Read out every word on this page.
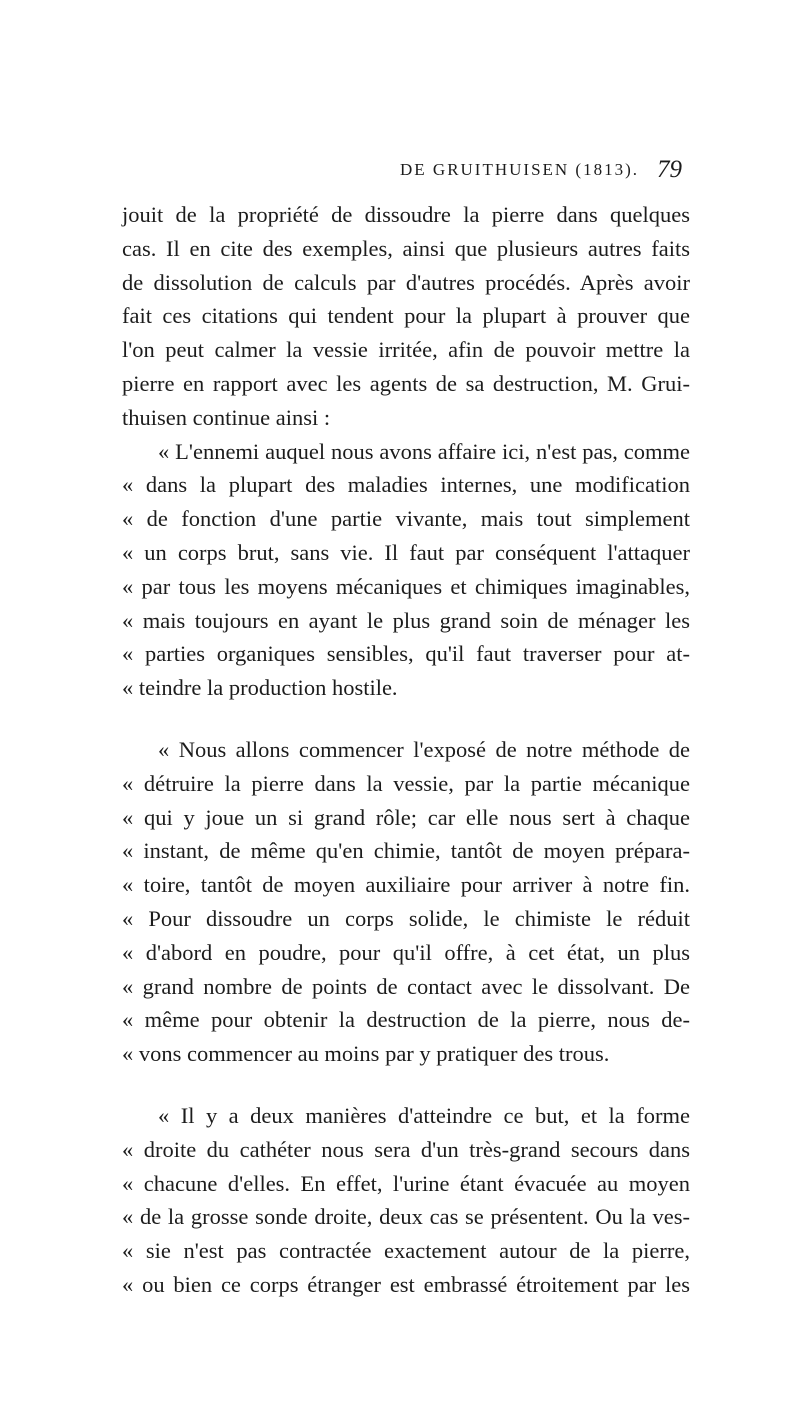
DE GRUITHUISEN (1813). 79
jouit de la propriété de dissoudre la pierre dans quelques
cas. Il en cite des exemples, ainsi que plusieurs autres faits
de dissolution de calculs par d'autres procédés. Après avoir
fait ces citations qui tendent pour la plupart à prouver que
l'on peut calmer la vessie irritée, afin de pouvoir mettre la
pierre en rapport avec les agents de sa destruction, M. Grui-
thuisen continue ainsi :
« L'ennemi auquel nous avons affaire ici, n'est pas, comme
« dans la plupart des maladies internes, une modification
« de fonction d'une partie vivante, mais tout simplement
« un corps brut, sans vie. Il faut par conséquent l'attaquer
« par tous les moyens mécaniques et chimiques imaginables,
« mais toujours en ayant le plus grand soin de ménager les
« parties organiques sensibles, qu'il faut traverser pour at-
« teindre la production hostile.
« Nous allons commencer l'exposé de notre méthode de
« détruire la pierre dans la vessie, par la partie mécanique
« qui y joue un si grand rôle; car elle nous sert à chaque
« instant, de même qu'en chimie, tantôt de moyen prépara-
« toire, tantôt de moyen auxiliaire pour arriver à notre fin.
« Pour dissoudre un corps solide, le chimiste le réduit
« d'abord en poudre, pour qu'il offre, à cet état, un plus
« grand nombre de points de contact avec le dissolvant. De
« même pour obtenir la destruction de la pierre, nous de-
« vons commencer au moins par y pratiquer des trous.
« Il y a deux manières d'atteindre ce but, et la forme
« droite du cathéter nous sera d'un très-grand secours dans
« chacune d'elles. En effet, l'urine étant évacuée au moyen
« de la grosse sonde droite, deux cas se présentent. Ou la ves-
« sie n'est pas contractée exactement autour de la pierre,
« ou bien ce corps étranger est embrassé étroitement par les
